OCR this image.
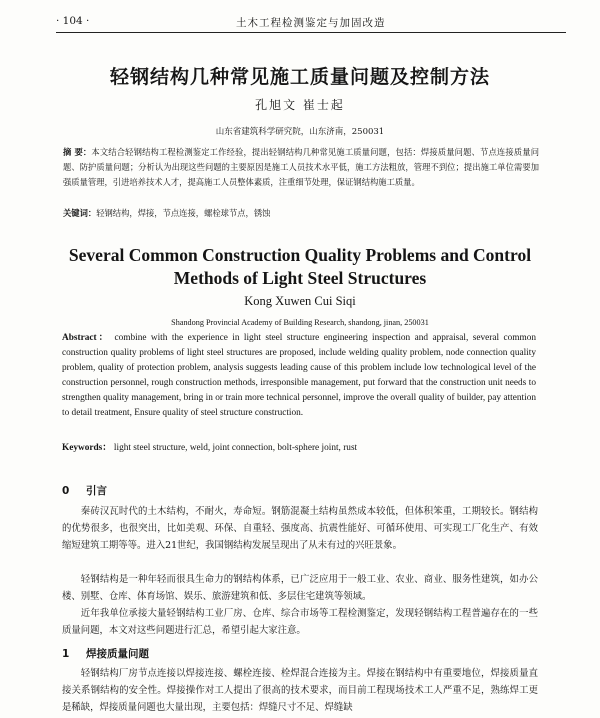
· 104 ·	土木工程检测鉴定与加固改造
轻钢结构几种常见施工质量问题及控制方法
孔旭文 崔士起
山东省建筑科学研究院，山东济南，250031

摘 要：本文结合轻钢结构工程检测鉴定工作经验，提出轻钢结构几种常见施工质量问题，包括：焊接质量问题、节点连接质量问题、防护质量问题；分析认为出现这些问题的主要原因是施工人员技术水平低，施工方法粗放，管理不到位；提出施工单位需要加强质量管理，引进培养技术人才，提高施工人员整体素质，注重细节处理，保证钢结构施工质量。

关键词：轻钢结构，焊接，节点连接，螺栓球节点，锈蚀

Several Common Construction Quality Problems and Control
Methods of Light Steel Structures
Kong Xuwen Cui Siqi
Shandong Provincial Academy of Building Research, shandong, jinan, 250031

Abstract： combine with the experience in light steel structure engineering inspection and appraisal, several common construction quality problems of light steel structures are proposed, include welding quality problem, node connection quality problem, quality of protection problem, analysis suggests leading cause of this problem include low technological level of the construction personnel, rough construction methods, irresponsible management, put forward that the construction unit needs to strengthen quality management, bring in or train more technical personnel, improve the overall quality of builder, pay attention to detail treatment, Ensure quality of steel structure construction.

Keywords： light steel structure, weld, joint connection, bolt-sphere joint, rust

0 引言

秦砖汉瓦时代的土木结构，不耐火，寿命短。钢筋混凝土结构虽然成本较低，但体积笨重，工期较长。钢结构的优势很多，也很突出，比如美观、环保、自重轻、强度高、抗震性能好、可循环使用、可实现工厂化生产、有效缩短建筑工期等等。进入21世纪，我国钢结构发展呈现出了从未有过的兴旺景象。

轻钢结构是一种年轻而很具生命力的钢结构体系，已广泛应用于一般工业、农业、商业、服务性建筑，如办公楼、别墅、仓库、体育场馆、娱乐、旅游建筑和低、多层住宅建筑等领域。

近年我单位承接大量轻钢结构工业厂房、仓库、综合市场等工程检测鉴定，发现轻钢结构工程普遍存在的一些质量问题，本文对这些问题进行汇总，希望引起大家注意。

1 焊接质量问题

轻钢结构厂房节点连接以焊接连接、螺栓连接、栓焊混合连接为主。焊接在钢结构中有重要地位，焊接质量直接关系钢结构的安全性。焊接操作对工人提出了很高的技术要求，而目前工程现场技术工人严重不足，熟练焊工更是稀缺，焊接质量问题也大量出现，主要包括：焊缝尺寸不足、焊缝缺
